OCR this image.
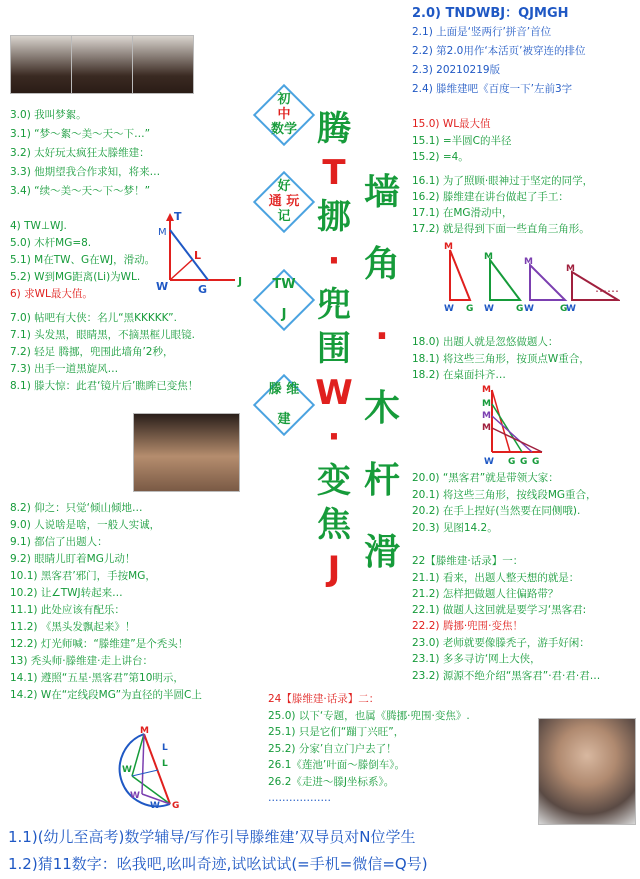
2.0) TNDWBJ：QJMGH
2.1) 上面是‘竖两行’拼音’首位
2.2) 第2.0用作‘本活页’被穿连的排位
2.3) 20210219版
2.4) 滕维建吧《百度一下’左前3字
3.0) 我叫梦絮。
3.1) “梦～絮～美～天～下…”
3.2) 太好玩太疯狂太滕维建：
3.3) 他期望我合作求知，将来…
3.4) “续～美～天～下～梦！”
4) TW⊥WJ.
5.0) 木杆MG=8.
5.1) M在TW、G在WJ，滑动。
5.2) W到MG距离(Li)为WL.
6) 求WL最大值。
7.0) 帖吧有大侠：名儿“黑KKKKK”.
7.1) 头发黑，眼睛黑，不摘黑框儿眼镜.
7.2) 轻足 腾挪，兜围此墙角’2秒，
7.3) 出手一道黑旋风…
8.1) 滕大惊：此君‘镜片后’瞧眸已变焦！
8.2) 仰之：只觉‘倾山倾地…
9.0) 人说啥是啥，一般人实诚，
9.1) 都信了出题人：
9.2) 眼睛儿盯着MG儿动！
10.1) 黑客君’邪门，手按MG，
10.2) 让∠TWJ转起来…
11.1) 此处应该有配乐：
11.2) 《黑头发飘起来》！
12.2) 灯光师喊：“滕维建”是个秃头！
13) 秃头师·滕维建·走上讲台：
14.1) 遵照“五星·黑客君”第10明示，
14.2) W在“定线段MG”为直径的半圆C上
15.0) WL最大值
15.1) =半圆C的半径
15.2) =4。
16.1) 为了照顾·眼神过于坚定的同学，
16.2) 滕维建在讲台做起了手工：
17.1) 在MG滑动中，
17.2) 就是得到下面一些直角三角形。
18.0) 出题人就是忽悠做题人：
18.1) 将这些三角形，按顶点W重合，
18.2) 在桌面抖齐…
20.0) “黑客君”就是带领大家：
20.1) 将这些三角形，按线段MG重合，
20.2) 在手上捏好(当然要在同侧哦).
20.3) 见图14.2。
22【滕维建·话录】一：
21.1) 看来，出题人整天想的就是：
21.2) 怎样把做题人往偏路带？
22.1) 做题人这回就是要学习‘黑客君:
22.2) 腾挪·兜围·变焦！
23.0) 老师就要像滕秃子，游手好闲：
23.1) 多多寻访‘网上大侠，
23.2) 源源不绝介绍“黑客君”·君·君·君…
24【滕维建·话录】二：
25.0) 以下‘专题，也属《腾挪·兜围·变焦》.
25.1) 只是它们“蹦丁兴旺”，
25.2) 分家’自立门户去了！
26.1《莲池’叶面～滕倒车》。
26.2《走进～滕J坐标系》。
………………
初
中
数学
好
通 玩
记
TW
J
滕 维
建
腾
T
挪
·
兜
围
W
·
变
焦
J
墙
角
·
木
杆
滑
T
M
W	G
J
L
M
W G
M
W G
M
W	G
M
W
……
M
M
M
M
W G G G
M
L
L
W
W
W G
1.1)(幼儿至高考)数学辅导/写作引导滕维建’双导员对N位学生
1.2)猜11数字：吆我吧,吆叫奇迹,试吆试试(=手机=微信=Q号)
